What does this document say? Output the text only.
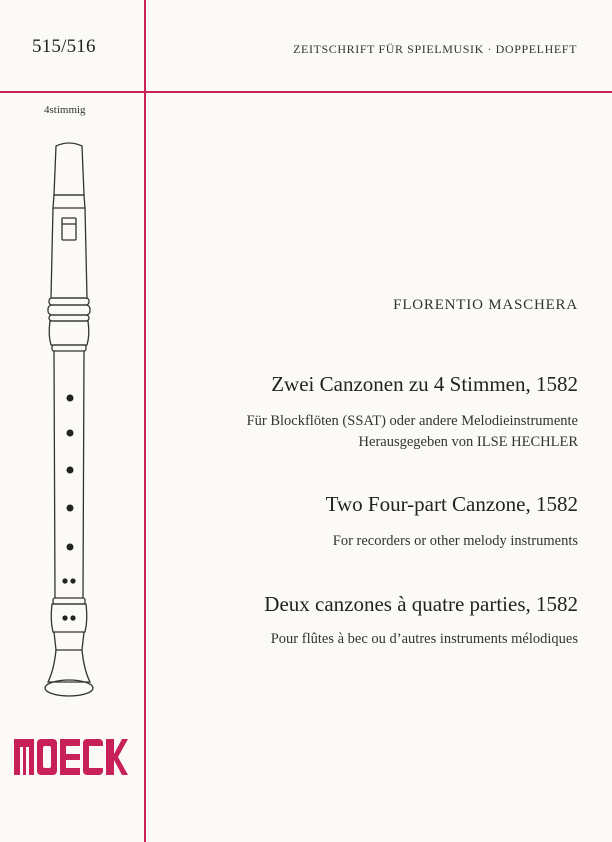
515/516	ZEITSCHRIFT FÜR SPIELMUSIK · DOPPELHEFT
4stimmig
FLORENTIO MASCHERA
Zwei Canzonen zu 4 Stimmen, 1582
Für Blockflöten (SSAT) oder andere Melodieinstrumente
Herausgegeben von ILSE HECHLER
Two Four-part Canzone, 1582
For recorders or other melody instruments
Deux canzones à quatre parties, 1582
Pour flûtes à bec ou d’autres instruments mélodiques
